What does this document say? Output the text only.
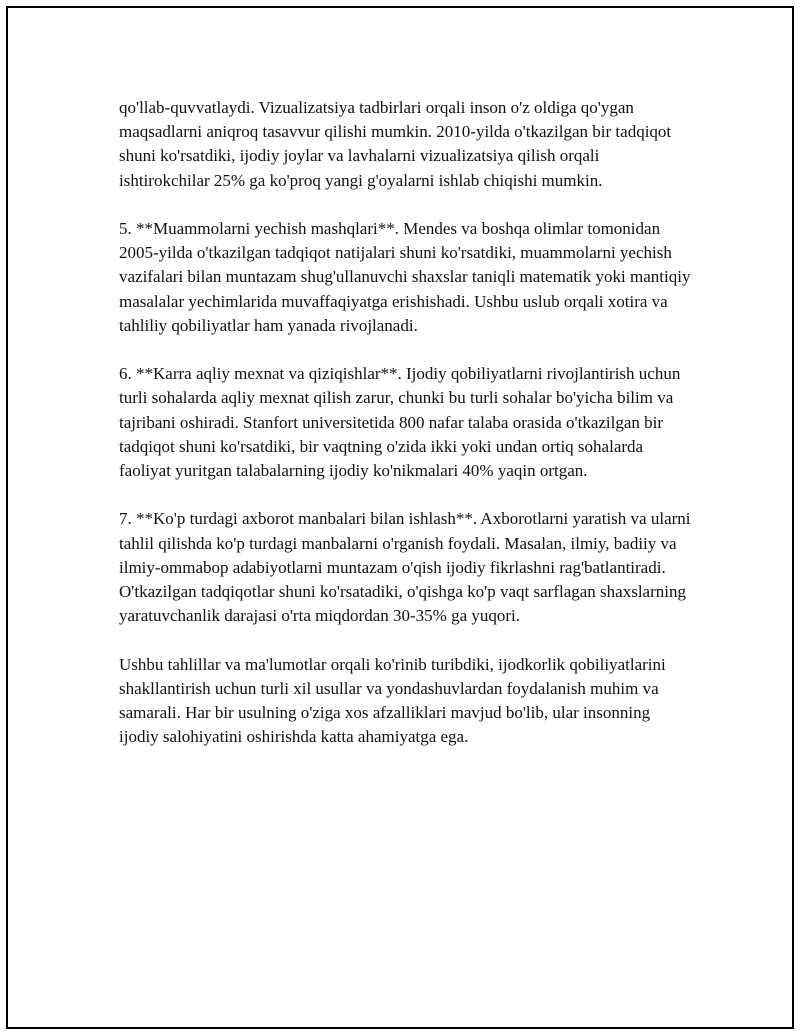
qo'llab-quvvatlaydi. Vizualizatsiya tadbirlari orqali inson o'z oldiga qo'ygan maqsadlarni aniqroq tasavvur qilishi mumkin. 2010-yilda o'tkazilgan bir tadqiqot shuni ko'rsatdiki, ijodiy joylar va lavhalarni vizualizatsiya qilish orqali ishtirokchilar 25% ga ko'proq yangi g'oyalarni ishlab chiqishi mumkin.

5. **Muammolarni yechish mashqlari**. Mendes va boshqa olimlar tomonidan 2005-yilda o'tkazilgan tadqiqot natijalari shuni ko'rsatdiki, muammolarni yechish vazifalari bilan muntazam shug'ullanuvchi shaxslar taniqli matematik yoki mantiqiy masalalar yechimlarida muvaffaqiyatga erishishadi. Ushbu uslub orqali xotira va tahliliy qobiliyatlar ham yanada rivojlanadi.

6. **Karra aqliy mexnat va qiziqishlar**. Ijodiy qobiliyatlarni rivojlantirish uchun turli sohalarda aqliy mexnat qilish zarur, chunki bu turli sohalar bo'yicha bilim va tajribani oshiradi. Stanfort universitetida 800 nafar talaba orasida o'tkazilgan bir tadqiqot shuni ko'rsatdiki, bir vaqtning o'zida ikki yoki undan ortiq sohalarda faoliyat yuritgan talabalarning ijodiy ko'nikmalari 40% yaqin ortgan.

7. **Ko'p turdagi axborot manbalari bilan ishlash**. Axborotlarni yaratish va ularni tahlil qilishda ko'p turdagi manbalarni o'rganish foydali. Masalan, ilmiy, badiiy va ilmiy-ommabop adabiyotlarni muntazam o'qish ijodiy fikrlashni rag'batlantiradi. O'tkazilgan tadqiqotlar shuni ko'rsatadiki, o'qishga ko'p vaqt sarflagan shaxslarning yaratuvchanlik darajasi o'rta miqdordan 30-35% ga yuqori.

Ushbu tahlillar va ma'lumotlar orqali ko'rinib turibdiki, ijodkorlik qobiliyatlarini shakllantirish uchun turli xil usullar va yondashuvlardan foydalanish muhim va samarali. Har bir usulning o'ziga xos afzalliklari mavjud bo'lib, ular insonning ijodiy salohiyatini oshirishda katta ahamiyatga ega.
